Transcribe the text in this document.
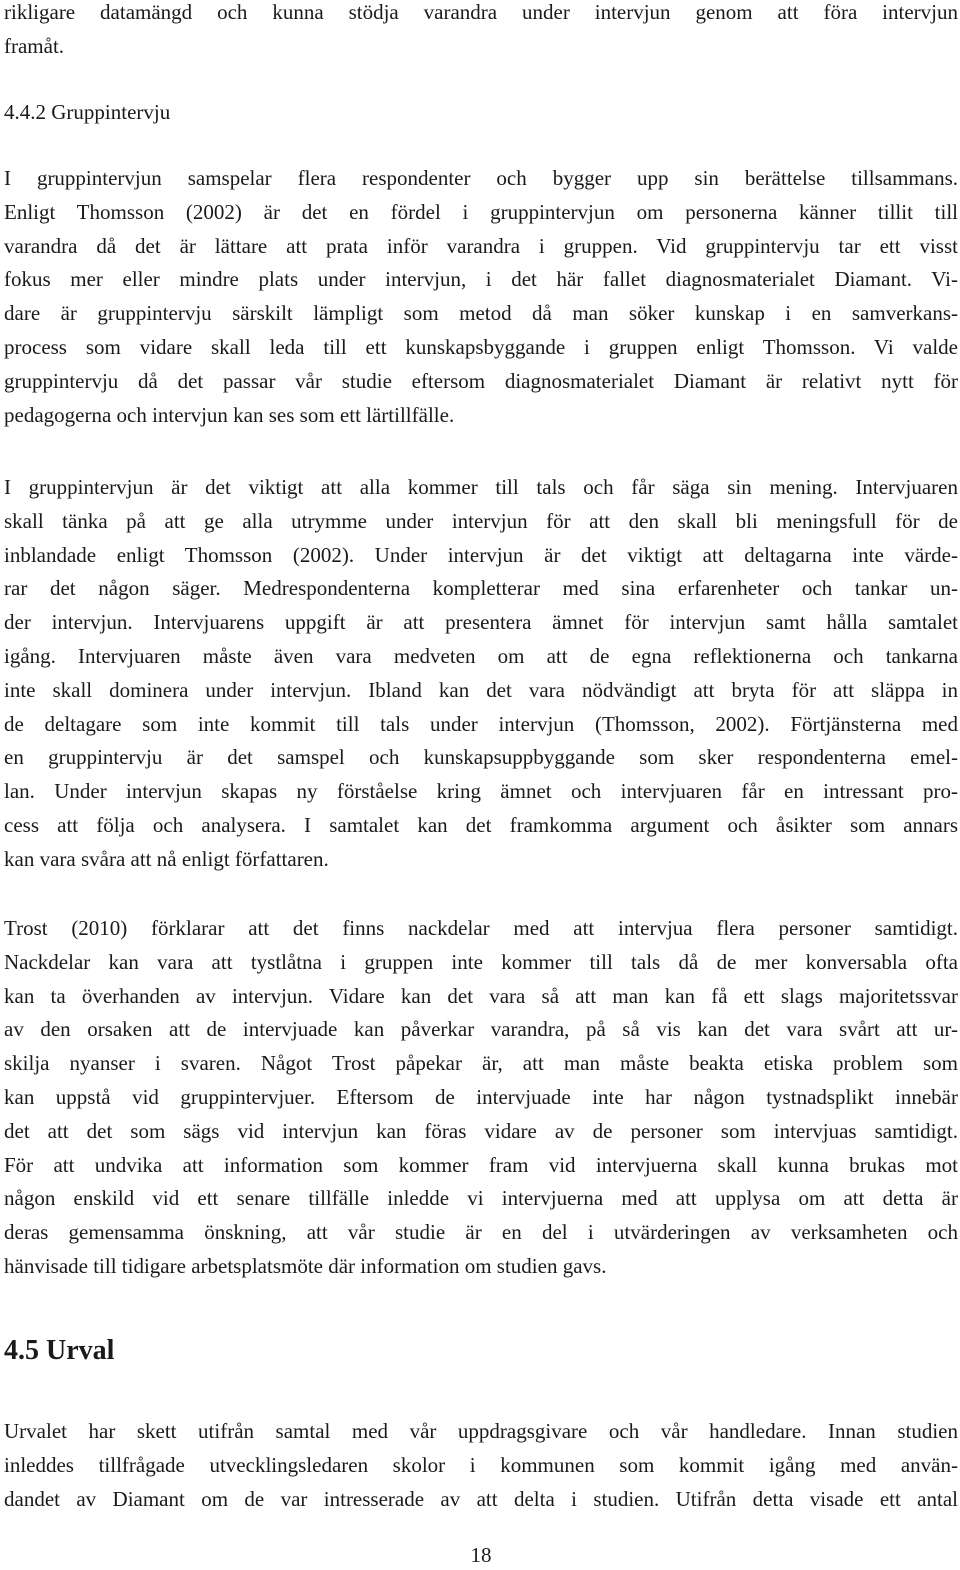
rikligare datamängd och kunna stödja varandra under intervjun genom att föra intervjun
framåt.

4.4.2 Gruppintervju

I gruppintervjun samspelar flera respondenter och bygger upp sin berättelse tillsammans.
Enligt Thomsson (2002) är det en fördel i gruppintervjun om personerna känner tillit till
varandra då det är lättare att prata inför varandra i gruppen. Vid gruppintervju tar ett visst
fokus mer eller mindre plats under intervjun, i det här fallet diagnosmaterialet Diamant. Vi-
dare är gruppintervju särskilt lämpligt som metod då man söker kunskap i en samverkans-
process som vidare skall leda till ett kunskapsbyggande i gruppen enligt Thomsson. Vi valde
gruppintervju då det passar vår studie eftersom diagnosmaterialet Diamant är relativt nytt för
pedagogerna och intervjun kan ses som ett lärtillfälle.

I gruppintervjun är det viktigt att alla kommer till tals och får säga sin mening. Intervjuaren
skall tänka på att ge alla utrymme under intervjun för att den skall bli meningsfull för de
inblandade enligt Thomsson (2002). Under intervjun är det viktigt att deltagarna inte värde-
rar det någon säger. Medrespondenterna kompletterar med sina erfarenheter och tankar un-
der intervjun. Intervjuarens uppgift är att presentera ämnet för intervjun samt hålla samtalet
igång. Intervjuaren måste även vara medveten om att de egna reflektionerna och tankarna
inte skall dominera under intervjun. Ibland kan det vara nödvändigt att bryta för att släppa in
de deltagare som inte kommit till tals under intervjun (Thomsson, 2002). Förtjänsterna med
en gruppintervju är det samspel och kunskapsuppbyggande som sker respondenterna emel-
lan. Under intervjun skapas ny förståelse kring ämnet och intervjuaren får en intressant pro-
cess att följa och analysera. I samtalet kan det framkomma argument och åsikter som annars
kan vara svåra att nå enligt författaren.

Trost (2010) förklarar att det finns nackdelar med att intervjua flera personer samtidigt.
Nackdelar kan vara att tystlåtna i gruppen inte kommer till tals då de mer konversabla ofta
kan ta överhanden av intervjun. Vidare kan det vara så att man kan få ett slags majoritetssvar
av den orsaken att de intervjuade kan påverkar varandra, på så vis kan det vara svårt att ur-
skilja nyanser i svaren. Något Trost påpekar är, att man måste beakta etiska problem som
kan uppstå vid gruppintervjuer. Eftersom de intervjuade inte har någon tystnadsplikt innebär
det att det som sägs vid intervjun kan föras vidare av de personer som intervjuas samtidigt.
För att undvika att information som kommer fram vid intervjuerna skall kunna brukas mot
någon enskild vid ett senare tillfälle inledde vi intervjuerna med att upplysa om att detta är
deras gemensamma önskning, att vår studie är en del i utvärderingen av verksamheten och
hänvisade till tidigare arbetsplatsmöte där information om studien gavs.

4.5 Urval

Urvalet har skett utifrån samtal med vår uppdragsgivare och vår handledare. Innan studien
inleddes tillfrågade utvecklingsledaren skolor i kommunen som kommit igång med använ-
dandet av Diamant om de var intresserade av att delta i studien. Utifrån detta visade ett antal

18
